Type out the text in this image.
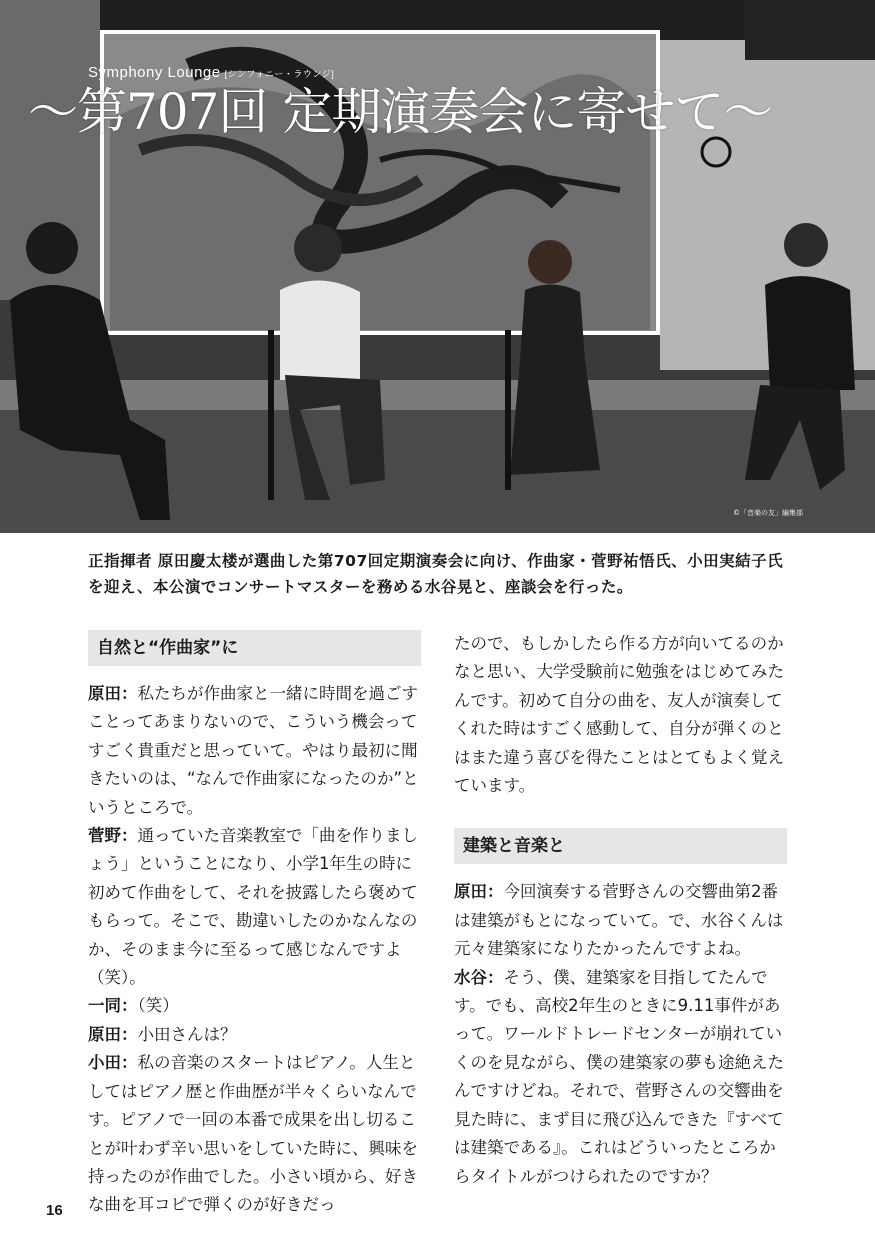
Symphony Lounge [シンフォニー・ラウンジ]
～第707回 定期演奏会に寄せて～
©「音楽の友」編集部
正指揮者 原田慶太楼が選曲した第707回定期演奏会に向け、作曲家・菅野祐悟氏、小田実結子氏を迎え、本公演でコンサートマスターを務める水谷晃と、座談会を行った。
自然と“作曲家”に

原田：私たちが作曲家と一緒に時間を過ごすことってあまりないので、こういう機会ってすごく貴重だと思っていて。やはり最初に聞きたいのは、“なんで作曲家になったのか”というところで。

菅野：通っていた音楽教室で「曲を作りましょう」ということになり、小学1年生の時に初めて作曲をして、それを披露したら褒めてもらって。そこで、勘違いしたのかなんなのか、そのまま今に至るって感じなんですよ（笑）。

一同：（笑）

原田：小田さんは？

小田：私の音楽のスタートはピアノ。人生としてはピアノ歴と作曲歴が半々くらいなんです。ピアノで一回の本番で成果を出し切ることが叶わず辛い思いをしていた時に、興味を持ったのが作曲でした。小さい頃から、好きな曲を耳コピで弾くのが好きだっ

たので、もしかしたら作る方が向いてるのかなと思い、大学受験前に勉強をはじめてみたんです。初めて自分の曲を、友人が演奏してくれた時はすごく感動して、自分が弾くのとはまた違う喜びを得たことはとてもよく覚えています。

建築と音楽と

原田：今回演奏する菅野さんの交響曲第2番は建築がもとになっていて。で、水谷くんは元々建築家になりたかったんですよね。

水谷：そう、僕、建築家を目指してたんです。でも、高校2年生のときに9.11事件があって。ワールドトレードセンターが崩れていくのを見ながら、僕の建築家の夢も途絶えたんですけどね。それで、菅野さんの交響曲を見た時に、まず目に飛び込んできた『すべては建築である』。これはどういったところからタイトルがつけられたのですか？

16
